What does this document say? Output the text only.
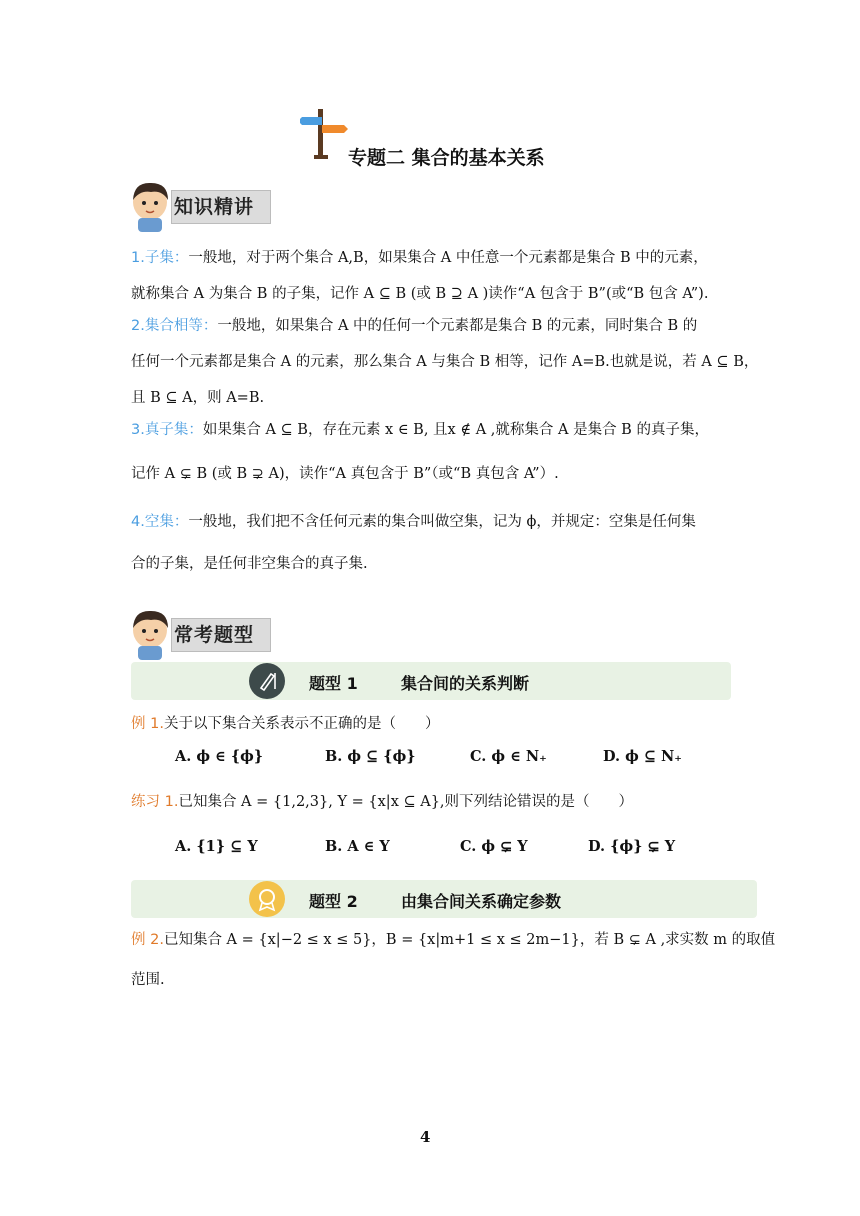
专题二 集合的基本关系
知识精讲
1.子集：一般地，对于两个集合 A,B，如果集合 A 中任意一个元素都是集合 B 中的元素，
就称集合 A 为集合 B 的子集，记作 A ⊆ B (或 B ⊇ A )读作“A 包含于 B”(或“B 包含 A”).
2.集合相等：一般地，如果集合 A 中的任何一个元素都是集合 B 的元素，同时集合 B 的
任何一个元素都是集合 A 的元素，那么集合 A 与集合 B 相等，记作 A=B.也就是说，若 A ⊆ B，
且 B ⊆ A，则 A=B.
3.真子集：如果集合 A ⊆ B，存在元素 x ∈ B, 且x ∉ A ,就称集合 A 是集合 B 的真子集，
记作 A ⊊ B (或 B ⊋ A)，读作“A 真包含于 B”（或“B 真包含 A”）.
4.空集：一般地，我们把不含任何元素的集合叫做空集，记为 ϕ，并规定：空集是任何集
合的子集，是任何非空集合的真子集.
常考题型
题型 1	集合间的关系判断
例 1.关于以下集合关系表示不正确的是（　　）
A. ϕ ∈ {ϕ}	B. ϕ ⊆ {ϕ}	C. ϕ ∈ N₊	D. ϕ ⊆ N₊
练习 1.已知集合 A = {1,2,3}, Y = {x|x ⊆ A},则下列结论错误的是（　　）
A. {1} ⊆ Y	B. A ∈ Y	C. ϕ ⊊ Y	D. {ϕ} ⊊ Y
题型 2	由集合间关系确定参数
例 2.已知集合 A = {x|−2 ≤ x ≤ 5}，B = {x|m+1 ≤ x ≤ 2m−1}，若 B ⊊ A ,求实数 m 的取值
范围.
4
